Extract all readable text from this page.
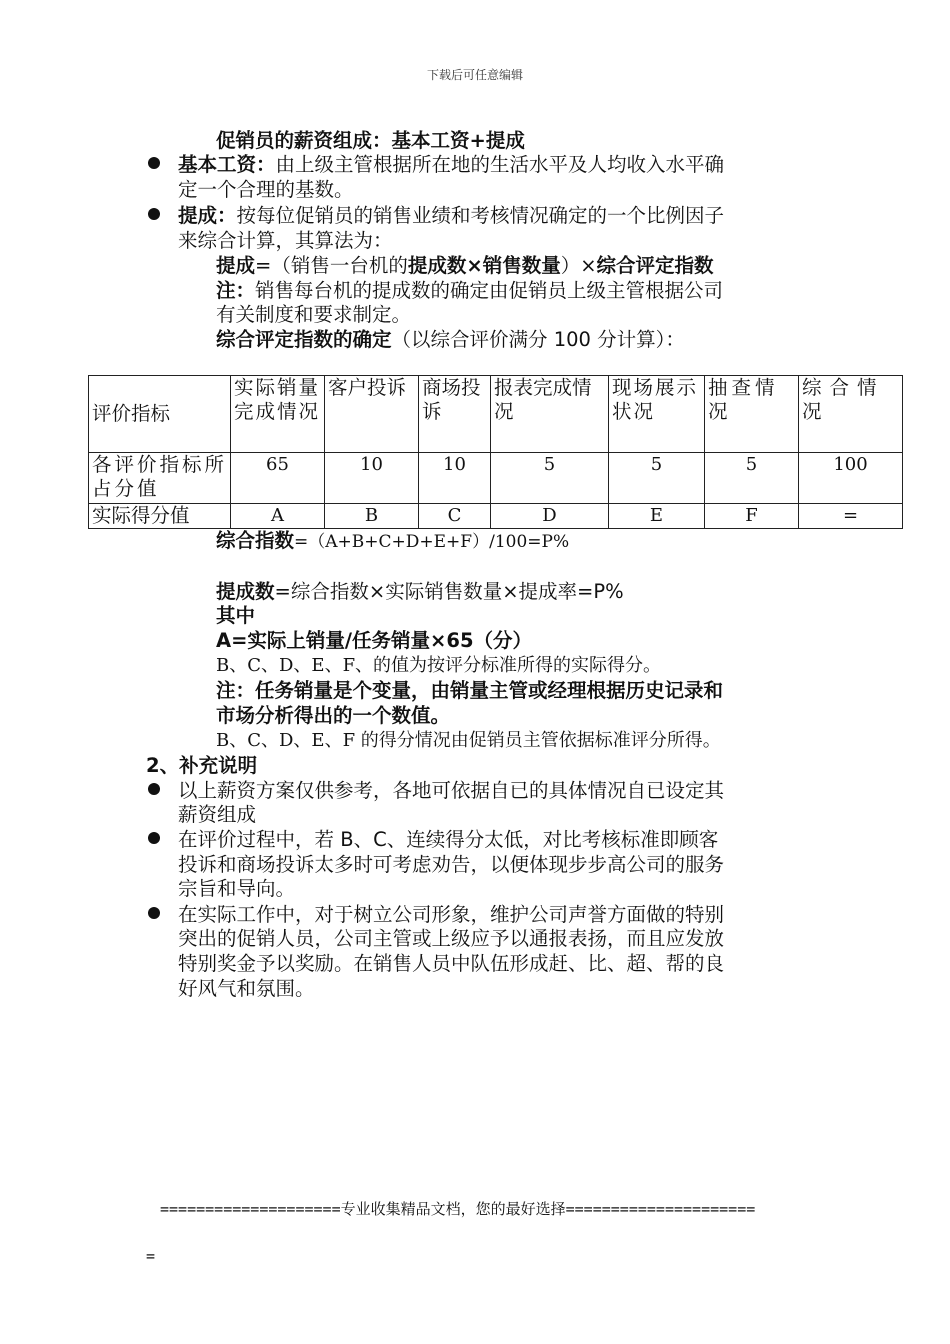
下载后可任意编辑
促销员的薪资组成：基本工资+提成
基本工资：由上级主管根据所在地的生活水平及人均收入水平确
定一个合理的基数。
提成：按每位促销员的销售业绩和考核情况确定的一个比例因子
来综合计算，其算法为：
提成=（销售一台机的提成数×销售数量）×综合评定指数
注：销售每台机的提成数的确定由促销员上级主管根据公司
有关制度和要求制定。
综合评定指数的确定（以综合评价满分 100 分计算）：
评价指标	实际销量完成情况	客户投诉	商场投诉	报表完成情况	现场展示状况	抽查情况	综合情况
各评价指标所占分值	65	10	10	5	5	5	100
实际得分值	A	B	C	D	E	F	=
综合指数=（A+B+C+D+E+F）/100=P%
提成数=综合指数×实际销售数量×提成率=P%
其中
A=实际上销量/任务销量×65（分）
B、C、D、E、F、的值为按评分标准所得的实际得分。
注：任务销量是个变量，由销量主管或经理根据历史记录和
市场分析得出的一个数值。
B、C、D、E、F 的得分情况由促销员主管依据标准评分所得。
2、补充说明
以上薪资方案仅供参考，各地可依据自已的具体情况自已设定其
薪资组成
在评价过程中，若 B、C、连续得分太低，对比考核标准即顾客
投诉和商场投诉太多时可考虑劝告，以便体现步步高公司的服务
宗旨和导向。
在实际工作中，对于树立公司形象，维护公司声誉方面做的特别
突出的促销人员，公司主管或上级应予以通报表扬，而且应发放
特别奖金予以奖励。在销售人员中队伍形成赶、比、超、帮的良
好风气和氛围。
====================专业收集精品文档，您的最好选择=====================
=
